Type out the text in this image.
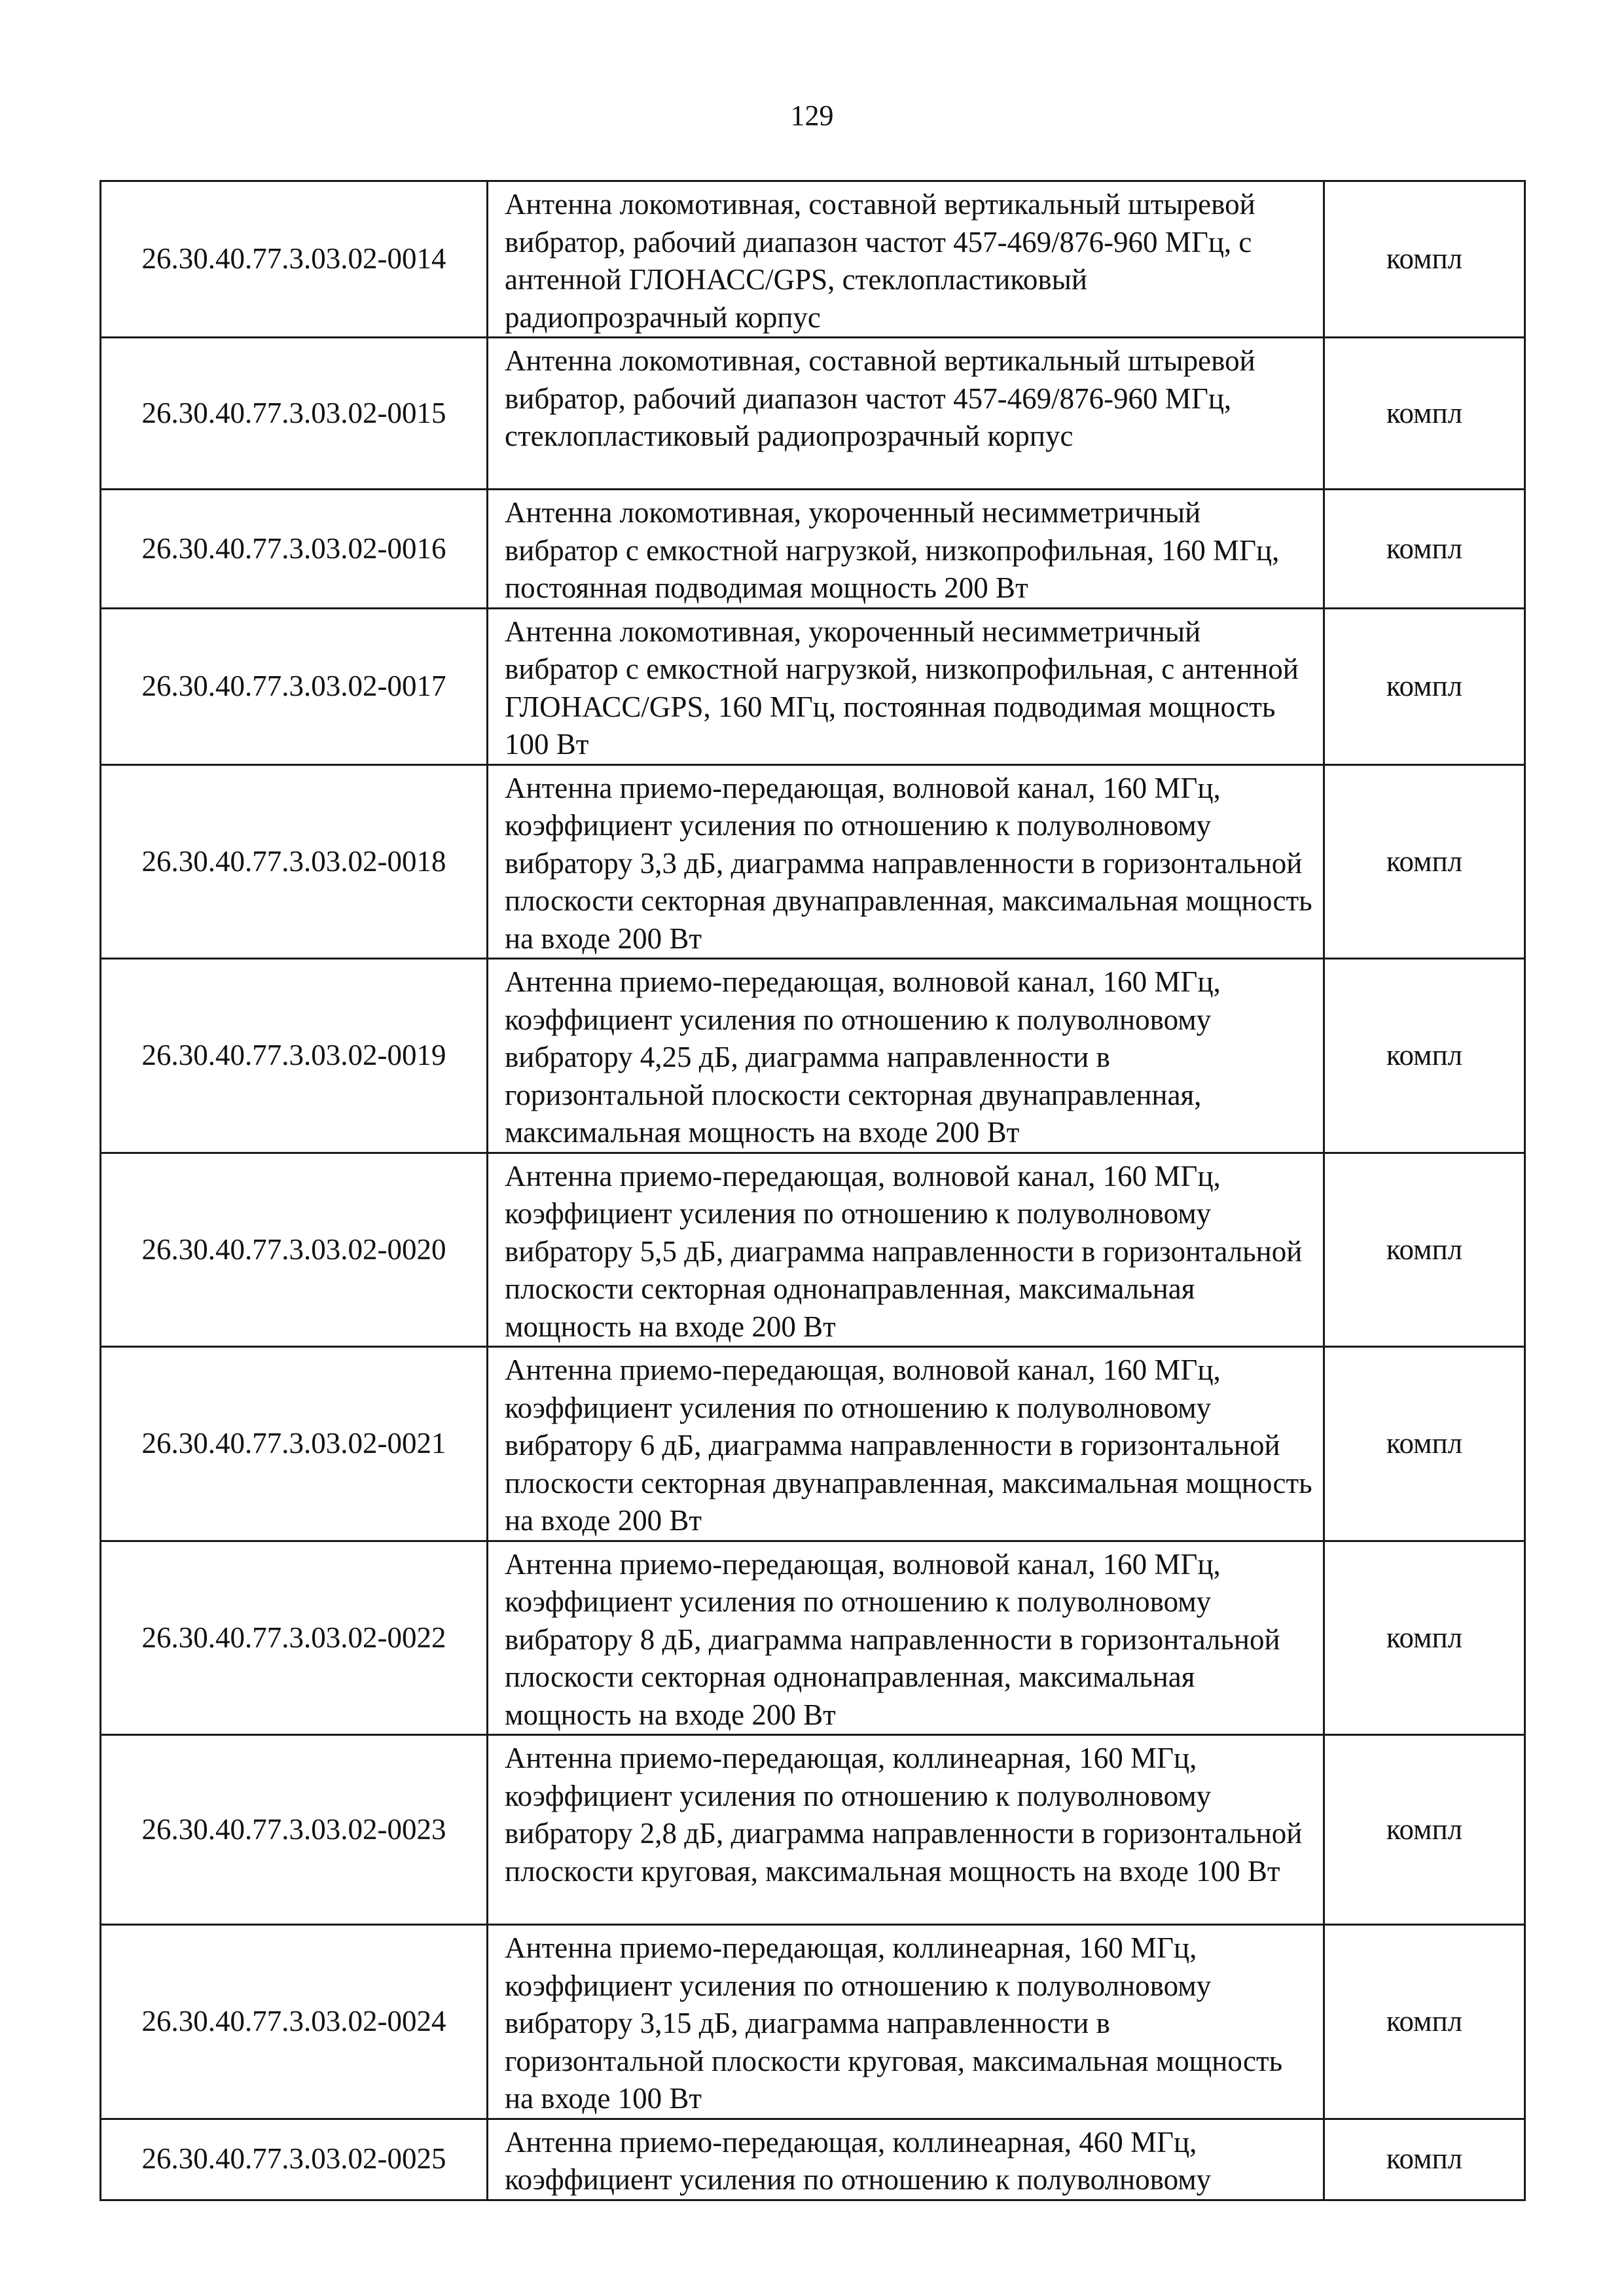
129
26.30.40.77.3.03.02-0014	Антенна локомотивная, составной вертикальный штыревой вибратор, рабочий диапазон частот 457-469/876-960 МГц, с антенной ГЛОНАСС/GPS, стеклопластиковый радиопрозрачный корпус	компл
26.30.40.77.3.03.02-0015	Антенна локомотивная, составной вертикальный штыревой вибратор, рабочий диапазон частот 457-469/876-960 МГц, стеклопластиковый радиопрозрачный корпус	компл
26.30.40.77.3.03.02-0016	Антенна локомотивная, укороченный несимметричный вибратор с емкостной нагрузкой, низкопрофильная, 160 МГц, постоянная подводимая мощность 200 Вт	компл
26.30.40.77.3.03.02-0017	Антенна локомотивная, укороченный несимметричный вибратор с емкостной нагрузкой, низкопрофильная, с антенной ГЛОНАСС/GPS, 160 МГц, постоянная подводимая мощность 100 Вт	компл
26.30.40.77.3.03.02-0018	Антенна приемо-передающая, волновой канал, 160 МГц, коэффициент усиления по отношению к полуволновому вибратору 3,3 дБ, диаграмма направленности в горизонтальной плоскости секторная двунаправленная, максимальная мощность на входе 200 Вт	компл
26.30.40.77.3.03.02-0019	Антенна приемо-передающая, волновой канал, 160 МГц, коэффициент усиления по отношению к полуволновому вибратору 4,25 дБ, диаграмма направленности в горизонтальной плоскости секторная двунаправленная, максимальная мощность на входе 200 Вт	компл
26.30.40.77.3.03.02-0020	Антенна приемо-передающая, волновой канал, 160 МГц, коэффициент усиления по отношению к полуволновому вибратору 5,5 дБ, диаграмма направленности в горизонтальной плоскости секторная однонаправленная, максимальная мощность на входе 200 Вт	компл
26.30.40.77.3.03.02-0021	Антенна приемо-передающая, волновой канал, 160 МГц, коэффициент усиления по отношению к полуволновому вибратору 6 дБ, диаграмма направленности в горизонтальной плоскости секторная двунаправленная, максимальная мощность на входе 200 Вт	компл
26.30.40.77.3.03.02-0022	Антенна приемо-передающая, волновой канал, 160 МГц, коэффициент усиления по отношению к полуволновому вибратору 8 дБ, диаграмма направленности в горизонтальной плоскости секторная однонаправленная, максимальная мощность на входе 200 Вт	компл
26.30.40.77.3.03.02-0023	Антенна приемо-передающая, коллинеарная, 160 МГц, коэффициент усиления по отношению к полуволновому вибратору 2,8 дБ, диаграмма направленности в горизонтальной плоскости круговая, максимальная мощность на входе 100 Вт	компл
26.30.40.77.3.03.02-0024	Антенна приемо-передающая, коллинеарная, 160 МГц, коэффициент усиления по отношению к полуволновому вибратору 3,15 дБ, диаграмма направленности в горизонтальной плоскости круговая, максимальная мощность на входе 100 Вт	компл
26.30.40.77.3.03.02-0025	Антенна приемо-передающая, коллинеарная, 460 МГц, коэффициент усиления по отношению к полуволновому	компл
